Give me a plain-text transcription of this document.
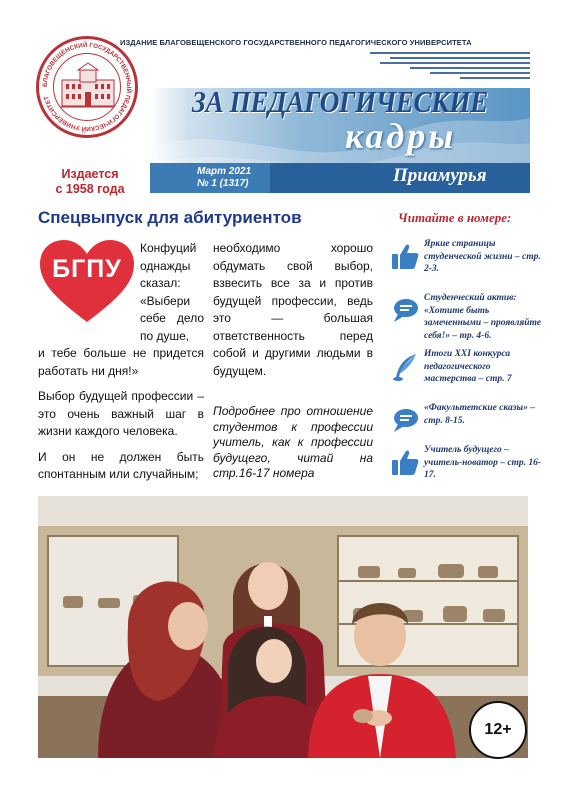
ИЗДАНИЕ БЛАГОВЕЩЕНСКОГО ГОСУДАРСТВЕННОГО ПЕДАГОГИЧЕСКОГО УНИВЕРСИТЕТА
БЛАГОВЕЩЕНСКИЙ ГОСУДАРСТВЕННЫЙ ПЕДАГОГИЧЕСКИЙ УНИВЕРСИТЕТ	ЗА ПЕДАГОГИЧЕСКИЕ
кадры
Март 2021
№ 1 (1317)	Приамурья
Издается
с 1958 года
Спецвыпуск для абитуриентов
БГПУ
Конфуций однажды сказал: «Выбери себе дело по душе,

и тебе больше не придется работать ни дня!»

Выбор будущей профессии – это очень важный шаг в жизни каждого человека.

И он не должен быть спонтанным или случайным;

необходимо хорошо обдумать свой выбор, взвесить все за и против будущей профессии, ведь это — большая ответственность перед собой и другими людьми в будущем.

Подробнее про отношение студентов к профессии учитель, как к профессии будущего, читай на стр.16-17 номера

Читайте в номере:
Яркие страницы студенческой жизни – стр. 2-3.
Студенческий актив: «Хотите быть замеченными – проявляйте себя!» – тр. 4-6.
Итоги XXI конкурса педагогического мастерства – стр. 7
«Факультетские сказы» – стр. 8-15.
Учитель будущего – учитель-новатор – стр. 16-17.
12+
